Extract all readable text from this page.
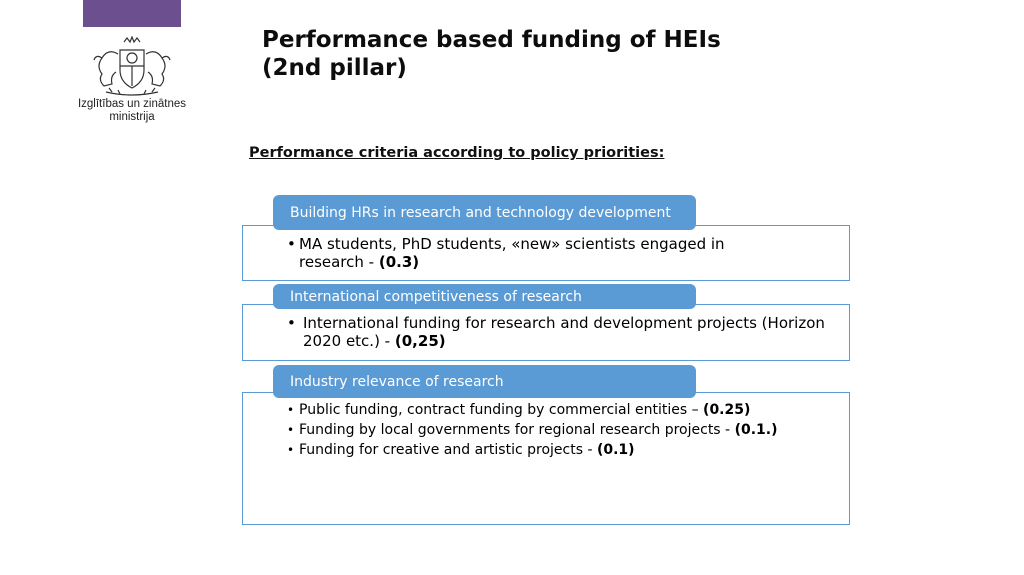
Izglītības un zinātnes
ministrija
Performance based funding of HEIs
(2nd pillar)
Performance criteria according to policy priorities:
Building HRs in research and technology development
• MA students, PhD students, «new» scientists engaged in research - (0.3)
International competitiveness of research
• International funding for research and development projects (Horizon 2020 etc.) - (0,25)
Industry relevance of research
• Public funding, contract funding by commercial entities – (0.25)
• Funding by local governments for regional research projects - (0.1.)
• Funding for creative and artistic projects - (0.1)
